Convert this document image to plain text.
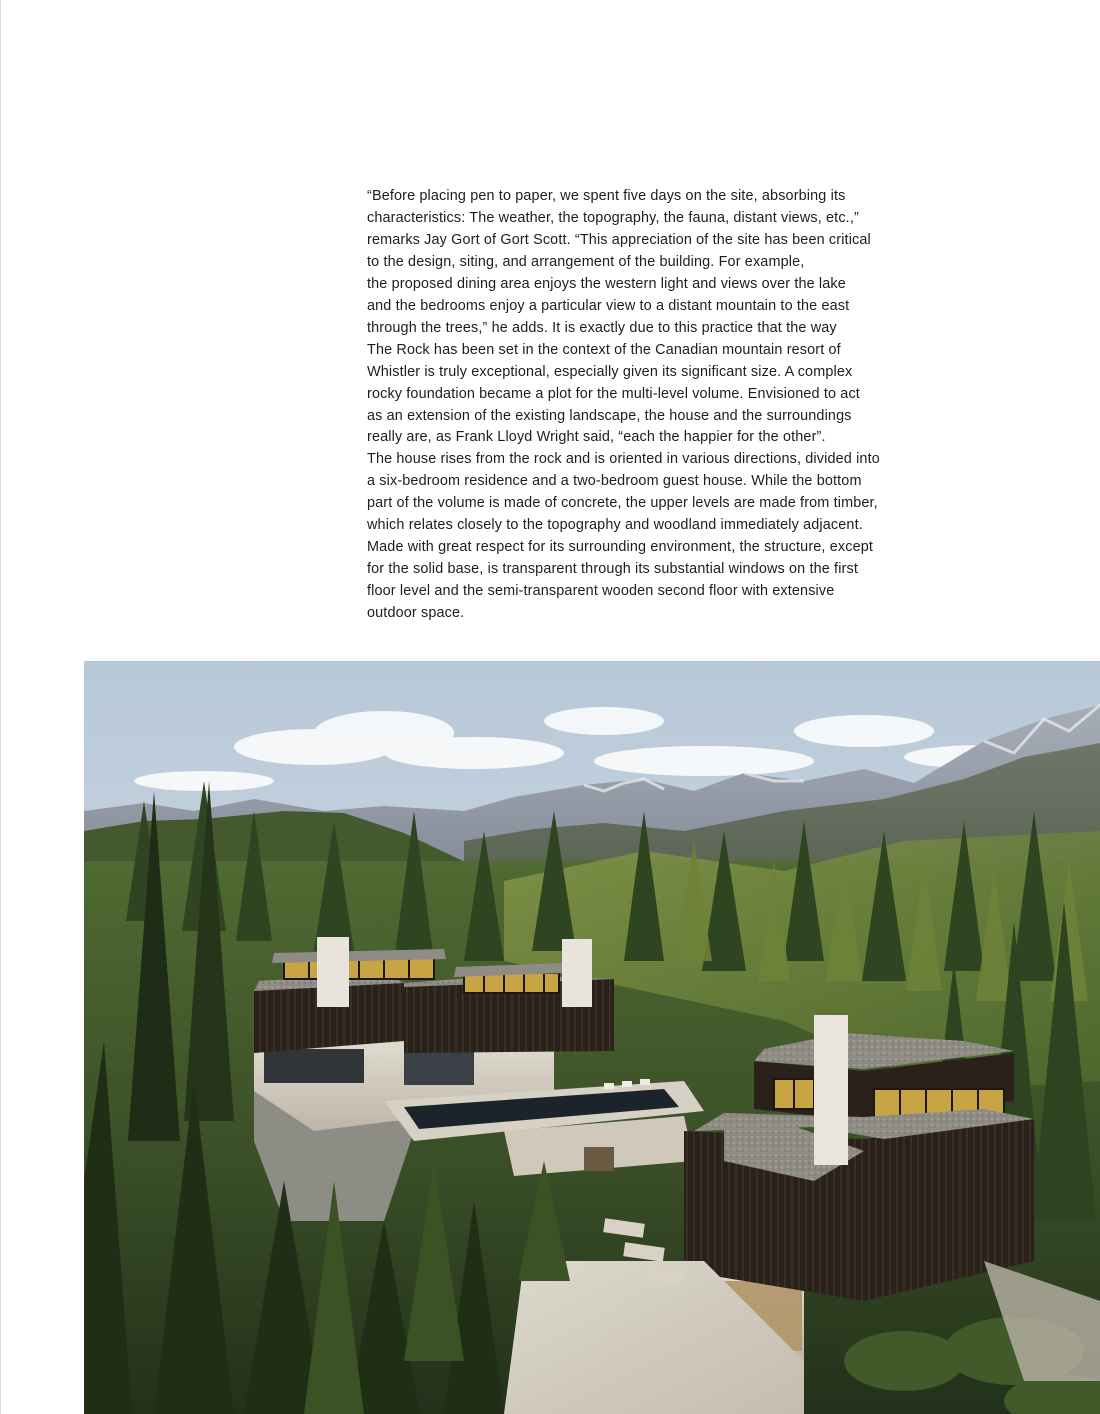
“Before placing pen to paper, we spent five days on the site, absorbing its
characteristics: The weather, the topography, the fauna, distant views, etc.,”
remarks Jay Gort of Gort Scott. “This appreciation of the site has been critical
to the design, siting, and arrangement of the building. For example,
the proposed dining area enjoys the western light and views over the lake
and the bedrooms enjoy a particular view to a distant mountain to the east
through the trees,” he adds. It is exactly due to this practice that the way
The Rock has been set in the context of the Canadian mountain resort of
Whistler is truly exceptional, especially given its significant size. A complex
rocky foundation became a plot for the multi-level volume. Envisioned to act
as an extension of the existing landscape, the house and the surroundings
really are, as Frank Lloyd Wright said, “each the happier for the other”.
The house rises from the rock and is oriented in various directions, divided into
a six-bedroom residence and a two-bedroom guest house. While the bottom
part of the volume is made of concrete, the upper levels are made from timber,
which relates closely to the topography and woodland immediately adjacent.
Made with great respect for its surrounding environment, the structure, except
for the solid base, is transparent through its substantial windows on the first
floor level and the semi-transparent wooden second floor with extensive
outdoor space.
